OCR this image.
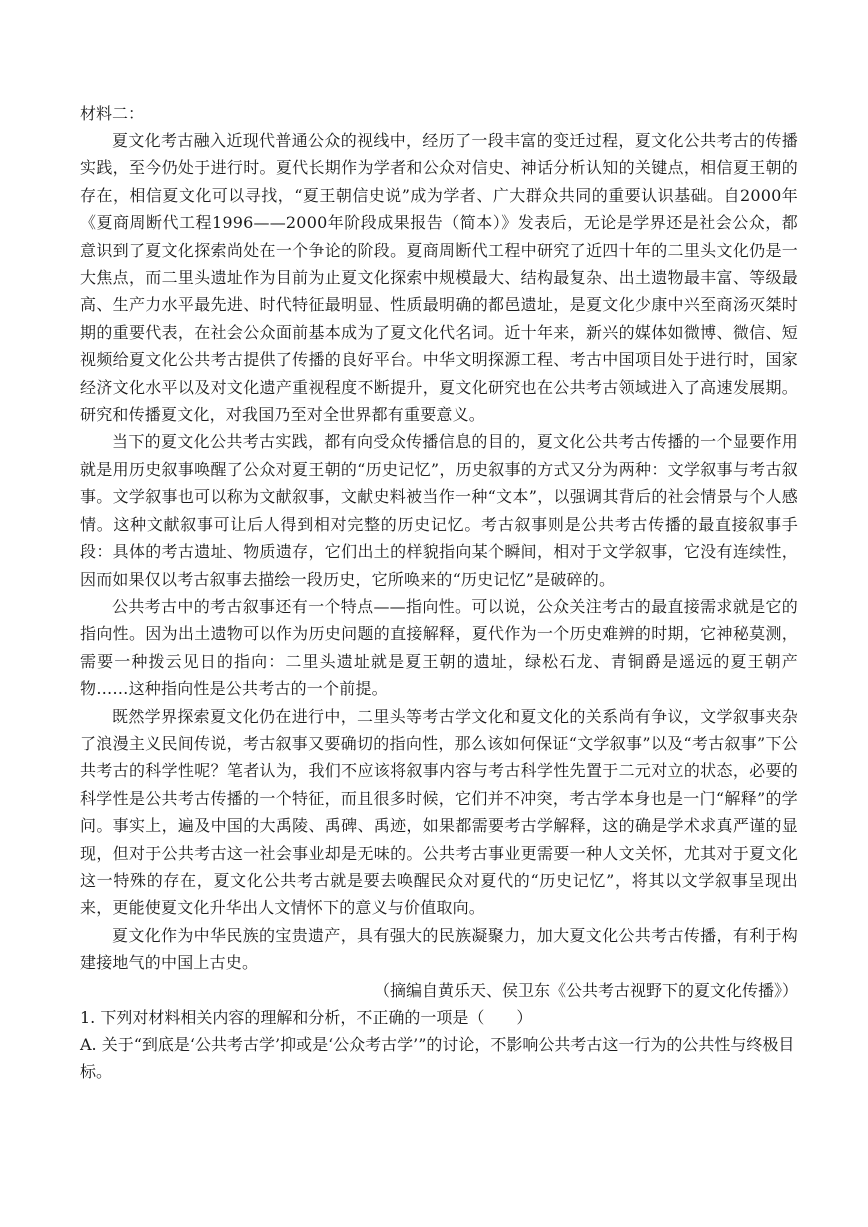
材料二：

夏文化考古融入近现代普通公众的视线中，经历了一段丰富的变迁过程，夏文化公共考古的传播实践，至今仍处于进行时。夏代长期作为学者和公众对信史、神话分析认知的关键点，相信夏王朝的存在，相信夏文化可以寻找，“夏王朝信史说”成为学者、广大群众共同的重要认识基础。自2000年《夏商周断代工程1996——2000年阶段成果报告（简本）》发表后，无论是学界还是社会公众，都意识到了夏文化探索尚处在一个争论的阶段。夏商周断代工程中研究了近四十年的二里头文化仍是一大焦点，而二里头遗址作为目前为止夏文化探索中规模最大、结构最复杂、出土遗物最丰富、等级最高、生产力水平最先进、时代特征最明显、性质最明确的都邑遗址，是夏文化少康中兴至商汤灭桀时期的重要代表，在社会公众面前基本成为了夏文化代名词。近十年来，新兴的媒体如微博、微信、短视频给夏文化公共考古提供了传播的良好平台。中华文明探源工程、考古中国项目处于进行时，国家经济文化水平以及对文化遗产重视程度不断提升，夏文化研究也在公共考古领域进入了高速发展期。研究和传播夏文化，对我国乃至对全世界都有重要意义。

当下的夏文化公共考古实践，都有向受众传播信息的目的，夏文化公共考古传播的一个显要作用就是用历史叙事唤醒了公众对夏王朝的“历史记忆”，历史叙事的方式又分为两种：文学叙事与考古叙事。文学叙事也可以称为文献叙事，文献史料被当作一种“文本”，以强调其背后的社会情景与个人感情。这种文献叙事可让后人得到相对完整的历史记忆。考古叙事则是公共考古传播的最直接叙事手段：具体的考古遗址、物质遗存，它们出土的样貌指向某个瞬间，相对于文学叙事，它没有连续性，因而如果仅以考古叙事去描绘一段历史，它所唤来的“历史记忆”是破碎的。

公共考古中的考古叙事还有一个特点——指向性。可以说，公众关注考古的最直接需求就是它的指向性。因为出土遗物可以作为历史问题的直接解释，夏代作为一个历史难辨的时期，它神秘莫测，需要一种拨云见日的指向：二里头遗址就是夏王朝的遗址，绿松石龙、青铜爵是遥远的夏王朝产物……这种指向性是公共考古的一个前提。

既然学界探索夏文化仍在进行中，二里头等考古学文化和夏文化的关系尚有争议，文学叙事夹杂了浪漫主义民间传说，考古叙事又要确切的指向性，那么该如何保证“文学叙事”以及“考古叙事”下公共考古的科学性呢？笔者认为，我们不应该将叙事内容与考古科学性先置于二元对立的状态，必要的科学性是公共考古传播的一个特征，而且很多时候，它们并不冲突，考古学本身也是一门“解释”的学问。事实上，遍及中国的大禹陵、禹碑、禹迹，如果都需要考古学解释，这的确是学术求真严谨的显现，但对于公共考古这一社会事业却是无味的。公共考古事业更需要一种人文关怀，尤其对于夏文化这一特殊的存在，夏文化公共考古就是要去唤醒民众对夏代的“历史记忆”，将其以文学叙事呈现出来，更能使夏文化升华出人文情怀下的意义与价值取向。

夏文化作为中华民族的宝贵遗产，具有强大的民族凝聚力，加大夏文化公共考古传播，有利于构建接地气的中国上古史。

（摘编自黄乐天、侯卫东《公共考古视野下的夏文化传播》）

1. 下列对材料相关内容的理解和分析，不正确的一项是（　　）

A. 关于“到底是‘公共考古学’抑或是‘公众考古学’”的讨论，不影响公共考古这一行为的公共性与终极目标。
